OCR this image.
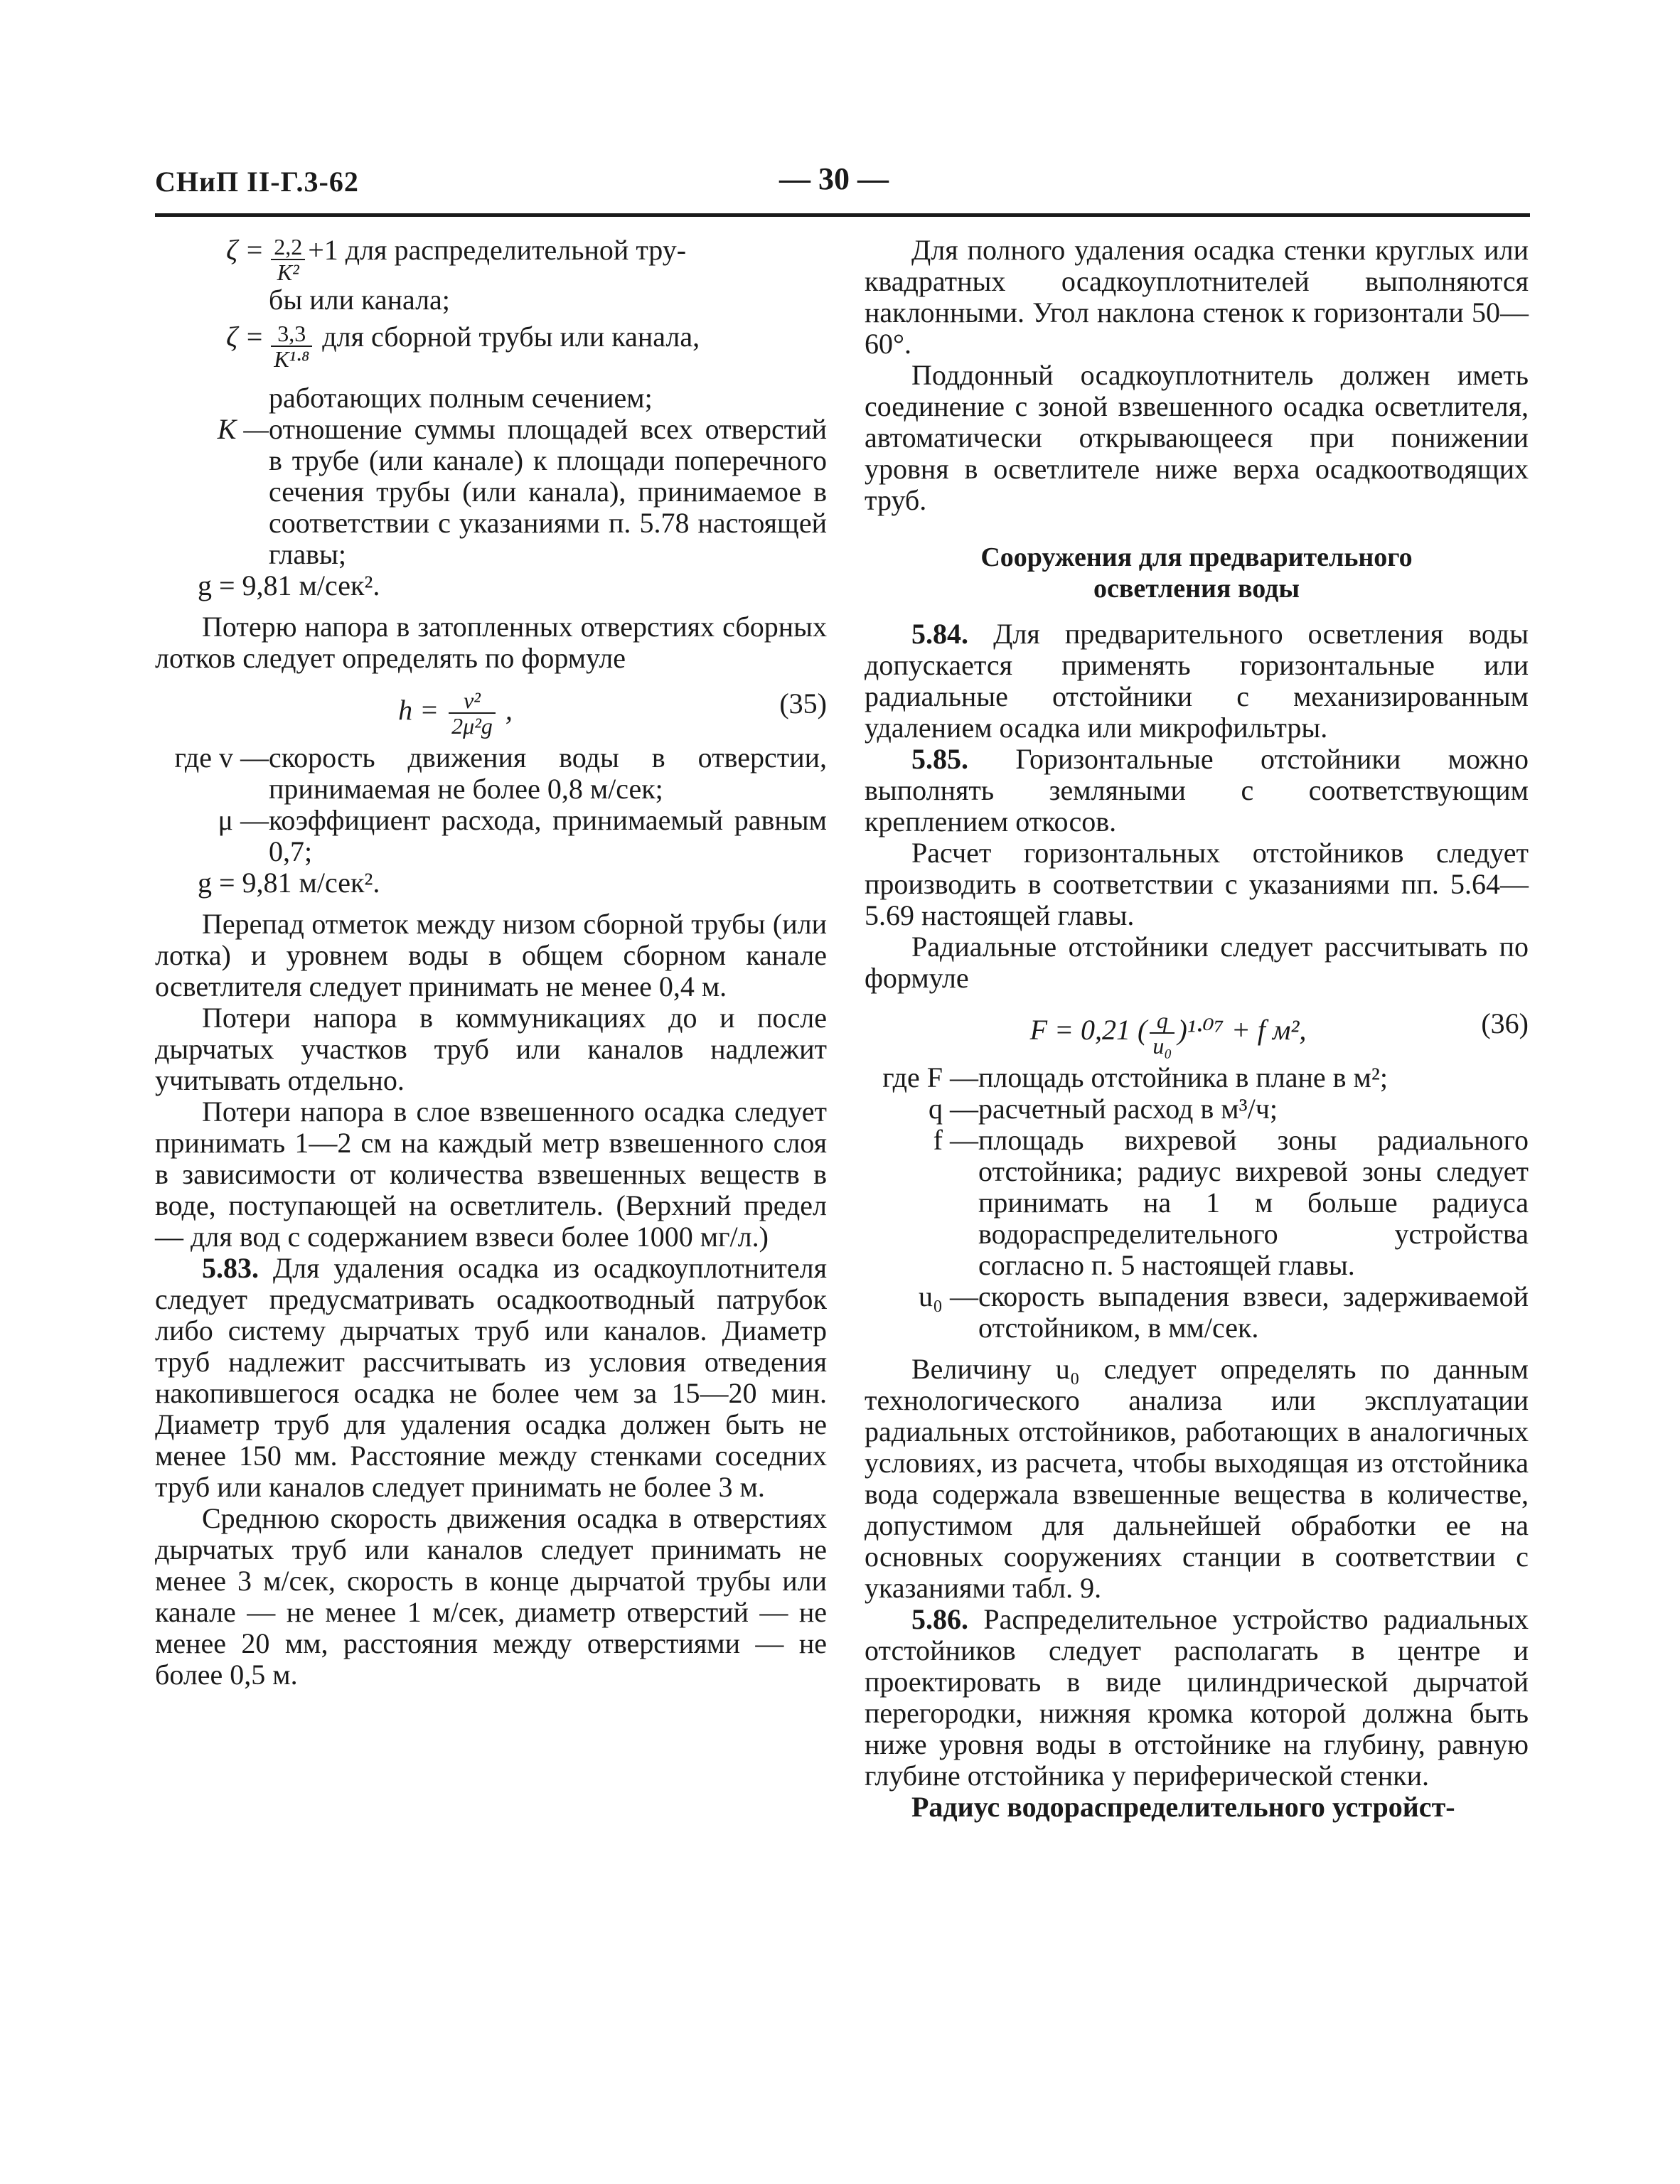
СНиП II-Г.3-62	— 30 —
$\zeta = \frac{2,2}{\text{K²}} +1$ для распределительной тру-

бы или канала;

$\zeta = \frac{3,3}{\text{K¹·⁸}}$ для сборной трубы или канала,

работающих полным сечением;

K — отношение суммы площадей всех отверстий в трубе (или канале) к площади поперечного сечения трубы (или канала), принимаемое в соответствии с указаниями п. 5.78 настоящей главы;

g = 9,81 м/сек².

Потерю напора в затопленных отверстиях сборных лотков следует определять по формуле

$h = \frac{\text{v²}}{\text{2μ²g}}$ ,	(35)
где v — скорость движения воды в отверстии, принимаемая не более 0,8 м/сек;
μ — коэффициент расхода, принимаемый равным 0,7;

g = 9,81 м/сек².

Перепад отметок между низом сборной трубы (или лотка) и уровнем воды в общем сборном канале осветлителя следует принимать не менее 0,4 м.

Потери напора в коммуникациях до и после дырчатых участков труб или каналов надлежит учитывать отдельно.

Потери напора в слое взвешенного осадка следует принимать 1—2 см на каждый метр взвешенного слоя в зависимости от количества взвешенных веществ в воде, поступающей на осветлитель. (Верхний предел — для вод с содержанием взвеси более 1000 мг/л.)

5.83. Для удаления осадка из осадкоуплотнителя следует предусматривать осадкоотводный патрубок либо систему дырчатых труб или каналов. Диаметр труб надлежит рассчитывать из условия отведения накопившегося осадка не более чем за 15—20 мин. Диаметр труб для удаления осадка должен быть не менее 150 мм. Расстояние между стенками соседних труб или каналов следует принимать не более 3 м.

Среднюю скорость движения осадка в отверстиях дырчатых труб или каналов следует принимать не менее 3 м/сек, скорость в конце дырчатой трубы или канале — не менее 1 м/сек, диаметр отверстий — не менее 20 мм, расстояния между отверстиями — не более 0,5 м.

Для полного удаления осадка стенки круглых или квадратных осадкоуплотнителей выполняются наклонными. Угол наклона стенок к горизонтали 50—60°.

Поддонный осадкоуплотнитель должен иметь соединение с зоной взвешенного осадка осветлителя, автоматически открывающееся при понижении уровня в осветлителе ниже верха осадкоотводящих труб.

Сооружения для предварительного
осветления воды

5.84. Для предварительного осветления воды допускается применять горизонтальные или радиальные отстойники с механизированным удалением осадка или микрофильтры.

5.85. Горизонтальные отстойники можно выполнять земляными с соответствующим креплением откосов.

Расчет горизонтальных отстойников следует производить в соответствии с указаниями пп. 5.64—5.69 настоящей главы.

Радиальные отстойники следует рассчитывать по формуле

F = 0,21 ( $\frac{q}{\text{u₀}} )^1\cdot^{07} + f$ м²,	(36)
где F — площадь отстойника в плане в м²;
q — расчетный расход в м³/ч;
f — площадь вихревой зоны радиального отстойника; радиус вихревой зоны следует принимать на 1 м больше радиуса водораспределительного устройства согласно п. 5 настоящей главы.
u₀ — скорость выпадения взвеси, задерживаемой отстойником, в мм/сек.

Величину u₀ следует определять по данным технологического анализа или эксплуатации радиальных отстойников, работающих в аналогичных условиях, из расчета, чтобы выходящая из отстойника вода содержала взвешенные вещества в количестве, допустимом для дальнейшей обработки ее на основных сооружениях станции в соответствии с указаниями табл. 9.

5.86. Распределительное устройство радиальных отстойников следует располагать в центре и проектировать в виде цилиндрической дырчатой перегородки, нижняя кромка которой должна быть ниже уровня воды в отстойнике на глубину, равную глубине отстойника у периферической стенки.

Радиус водораспределительного устройст-
